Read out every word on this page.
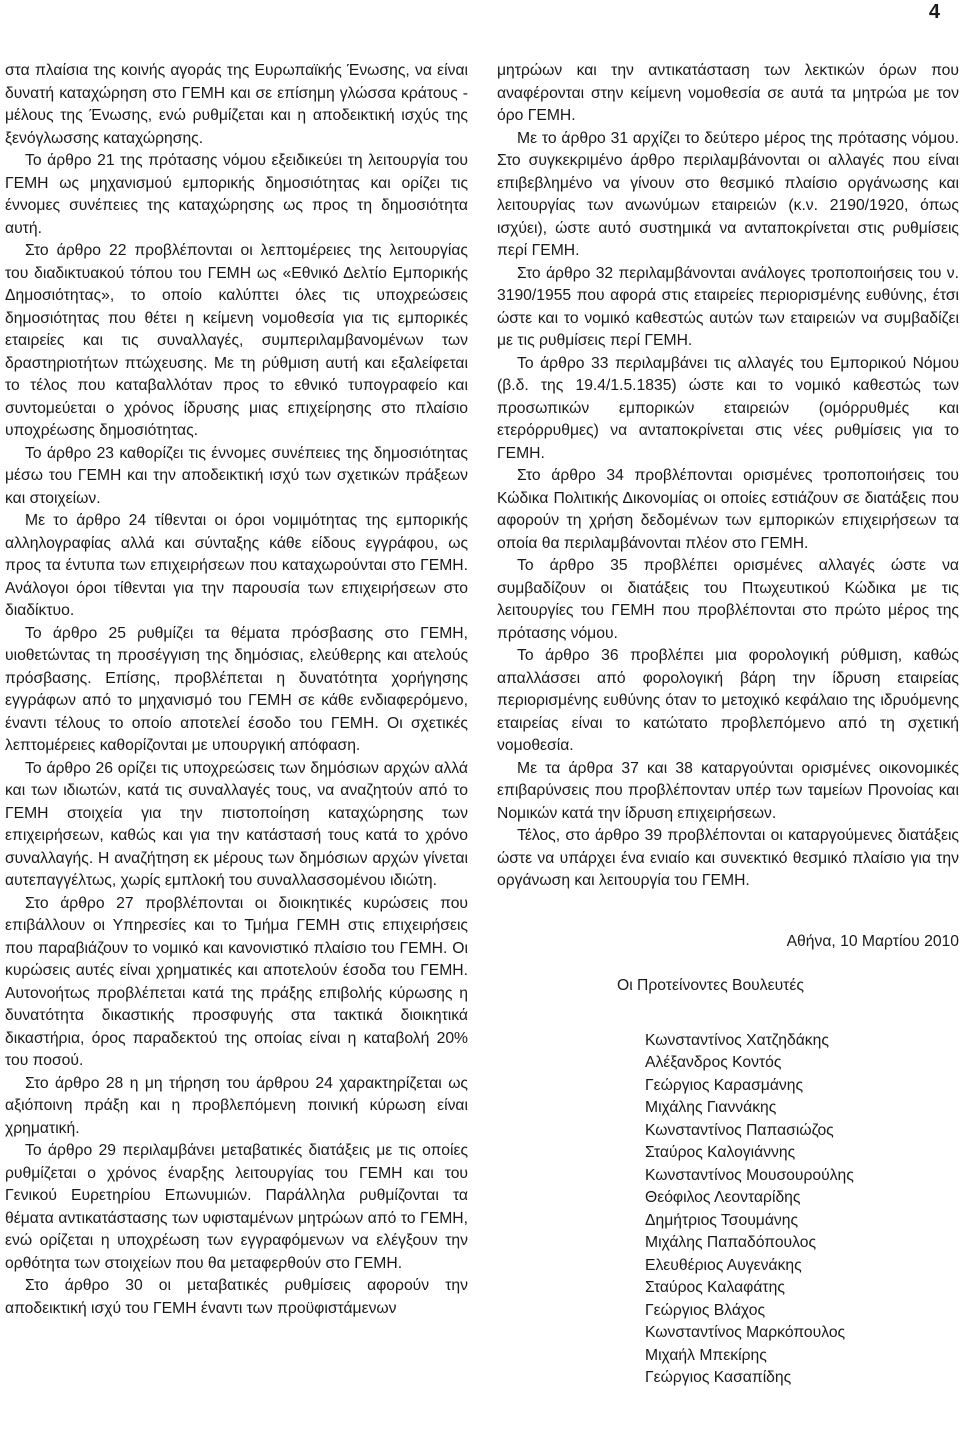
4

στα πλαίσια της κοινής αγοράς της Ευρωπαϊκής Ένωσης, να είναι δυνατή καταχώρηση στο ΓΕΜΗ και σε επίσημη γλώσσα κράτους - μέλους της Ένωσης, ενώ ρυθμίζεται και η αποδεικτική ισχύς της ξενόγλωσσης καταχώρησης.

Το άρθρο 21 της πρότασης νόμου εξειδικεύει τη λειτουργία του ΓΕΜΗ ως μηχανισμού εμπορικής δημοσιότητας και ορίζει τις έννομες συνέπειες της καταχώρησης ως προς τη δημοσιότητα αυτή.

Στο άρθρο 22 προβλέπονται οι λεπτομέρειες της λειτουργίας του διαδικτυακού τόπου του ΓΕΜΗ ως «Εθνικό Δελτίο Εμπορικής Δημοσιότητας», το οποίο καλύπτει όλες τις υποχρεώσεις δημοσιότητας που θέτει η κείμενη νομοθεσία για τις εμπορικές εταιρείες και τις συναλλαγές, συμπεριλαμβανομένων των δραστηριοτήτων πτώχευσης. Με τη ρύθμιση αυτή και εξαλείφεται το τέλος που καταβαλλόταν προς το εθνικό τυπογραφείο και συντομεύεται ο χρόνος ίδρυσης μιας επιχείρησης στο πλαίσιο υποχρέωσης δημοσιότητας.

Το άρθρο 23 καθορίζει τις έννομες συνέπειες της δημοσιότητας μέσω του ΓΕΜΗ και την αποδεικτική ισχύ των σχετικών πράξεων και στοιχείων.

Με το άρθρο 24 τίθενται οι όροι νομιμότητας της εμπορικής αλληλογραφίας αλλά και σύνταξης κάθε είδους εγγράφου, ως προς τα έντυπα των επιχειρήσεων που καταχωρούνται στο ΓΕΜΗ. Ανάλογοι όροι τίθενται για την παρουσία των επιχειρήσεων στο διαδίκτυο.

Το άρθρο 25 ρυθμίζει τα θέματα πρόσβασης στο ΓΕΜΗ, υιοθετώντας τη προσέγγιση της δημόσιας, ελεύθερης και ατελούς πρόσβασης. Επίσης, προβλέπεται η δυνατότητα χορήγησης εγγράφων από το μηχανισμό του ΓΕΜΗ σε κάθε ενδιαφερόμενο, έναντι τέλους το οποίο αποτελεί έσοδο του ΓΕΜΗ. Οι σχετικές λεπτομέρειες καθορίζονται με υπουργική απόφαση.

Το άρθρο 26 ορίζει τις υποχρεώσεις των δημόσιων αρχών αλλά και των ιδιωτών, κατά τις συναλλαγές τους, να αναζητούν από το ΓΕΜΗ στοιχεία για την πιστοποίηση καταχώρησης των επιχειρήσεων, καθώς και για την κατάστασή τους κατά το χρόνο συναλλαγής. Η αναζήτηση εκ μέρους των δημόσιων αρχών γίνεται αυτεπαγγέλτως, χωρίς εμπλοκή του συναλλασσομένου ιδιώτη.

Στο άρθρο 27 προβλέπονται οι διοικητικές κυρώσεις που επιβάλλουν οι Υπηρεσίες και το Τμήμα ΓΕΜΗ στις επιχειρήσεις που παραβιάζουν το νομικό και κανονιστικό πλαίσιο του ΓΕΜΗ. Οι κυρώσεις αυτές είναι χρηματικές και αποτελούν έσοδα του ΓΕΜΗ. Αυτονοήτως προβλέπεται κατά της πράξης επιβολής κύρωσης η δυνατότητα δικαστικής προσφυγής στα τακτικά διοικητικά δικαστήρια, όρος παραδεκτού της οποίας είναι η καταβολή 20% του ποσού.

Στο άρθρο 28 η μη τήρηση του άρθρου 24 χαρακτηρίζεται ως αξιόποινη πράξη και η προβλεπόμενη ποινική κύρωση είναι χρηματική.

Το άρθρο 29 περιλαμβάνει μεταβατικές διατάξεις με τις οποίες ρυθμίζεται ο χρόνος έναρξης λειτουργίας του ΓΕΜΗ και του Γενικού Ευρετηρίου Επωνυμιών. Παράλληλα ρυθμίζονται τα θέματα αντικατάστασης των υφισταμένων μητρώων από το ΓΕΜΗ, ενώ ορίζεται η υποχρέωση των εγγραφόμενων να ελέγξουν την ορθότητα των στοιχείων που θα μεταφερθούν στο ΓΕΜΗ.

Στο άρθρο 30 οι μεταβατικές ρυθμίσεις αφορούν την αποδεικτική ισχύ του ΓΕΜΗ έναντι των προϋφιστάμενων

μητρώων και την αντικατάσταση των λεκτικών όρων που αναφέρονται στην κείμενη νομοθεσία σε αυτά τα μητρώα με τον όρο ΓΕΜΗ.

Με το άρθρο 31 αρχίζει το δεύτερο μέρος της πρότασης νόμου. Στο συγκεκριμένο άρθρο περιλαμβάνονται οι αλλαγές που είναι επιβεβλημένο να γίνουν στο θεσμικό πλαίσιο οργάνωσης και λειτουργίας των ανωνύμων εταιρειών (κ.ν. 2190/1920, όπως ισχύει), ώστε αυτό συστημικά να ανταποκρίνεται στις ρυθμίσεις περί ΓΕΜΗ.

Στο άρθρο 32 περιλαμβάνονται ανάλογες τροποποιήσεις του ν. 3190/1955 που αφορά στις εταιρείες περιορισμένης ευθύνης, έτσι ώστε και το νομικό καθεστώς αυτών των εταιρειών να συμβαδίζει με τις ρυθμίσεις περί ΓΕΜΗ.

Το άρθρο 33 περιλαμβάνει τις αλλαγές του Εμπορικού Νόμου (β.δ. της 19.4/1.5.1835) ώστε και το νομικό καθεστώς των προσωπικών εμπορικών εταιρειών (ομόρρυθμές και ετερόρρυθμες) να ανταποκρίνεται στις νέες ρυθμίσεις για το ΓΕΜΗ.

Στο άρθρο 34 προβλέπονται ορισμένες τροποποιήσεις του Κώδικα Πολιτικής Δικονομίας οι οποίες εστιάζουν σε διατάξεις που αφορούν τη χρήση δεδομένων των εμπορικών επιχειρήσεων τα οποία θα περιλαμβάνονται πλέον στο ΓΕΜΗ.

Το άρθρο 35 προβλέπει ορισμένες αλλαγές ώστε να συμβαδίζουν οι διατάξεις του Πτωχευτικού Κώδικα με τις λειτουργίες του ΓΕΜΗ που προβλέπονται στο πρώτο μέρος της πρότασης νόμου.

Το άρθρο 36 προβλέπει μια φορολογική ρύθμιση, καθώς απαλλάσσει από φορολογική βάρη την ίδρυση εταιρείας περιορισμένης ευθύνης όταν το μετοχικό κεφάλαιο της ιδρυόμενης εταιρείας είναι το κατώτατο προβλεπόμενο από τη σχετική νομοθεσία.

Με τα άρθρα 37 και 38 καταργούνται ορισμένες οικονομικές επιβαρύνσεις που προβλέπονταν υπέρ των ταμείων Προνοίας και Νομικών κατά την ίδρυση επιχειρήσεων.

Τέλος, στο άρθρο 39 προβλέπονται οι καταργούμενες διατάξεις ώστε να υπάρχει ένα ενιαίο και συνεκτικό θεσμικό πλαίσιο για την οργάνωση και λειτουργία του ΓΕΜΗ.

Αθήνα, 10 Μαρτίου 2010
Οι Προτείνοντες Βουλευτές
Κωνσταντίνος Χατζηδάκης
Αλέξανδρος Κοντός
Γεώργιος Καρασμάνης
Μιχάλης Γιαννάκης
Κωνσταντίνος Παπασιώζος
Σταύρος Καλογιάννης
Κωνσταντίνος Μουσουρούλης
Θεόφιλος Λεονταρίδης
Δημήτριος Τσουμάνης
Μιχάλης Παπαδόπουλος
Ελευθέριος Αυγενάκης
Σταύρος Καλαφάτης
Γεώργιος Βλάχος
Κωνσταντίνος Μαρκόπουλος
Μιχαήλ Μπεκίρης
Γεώργιος Κασαπίδης
